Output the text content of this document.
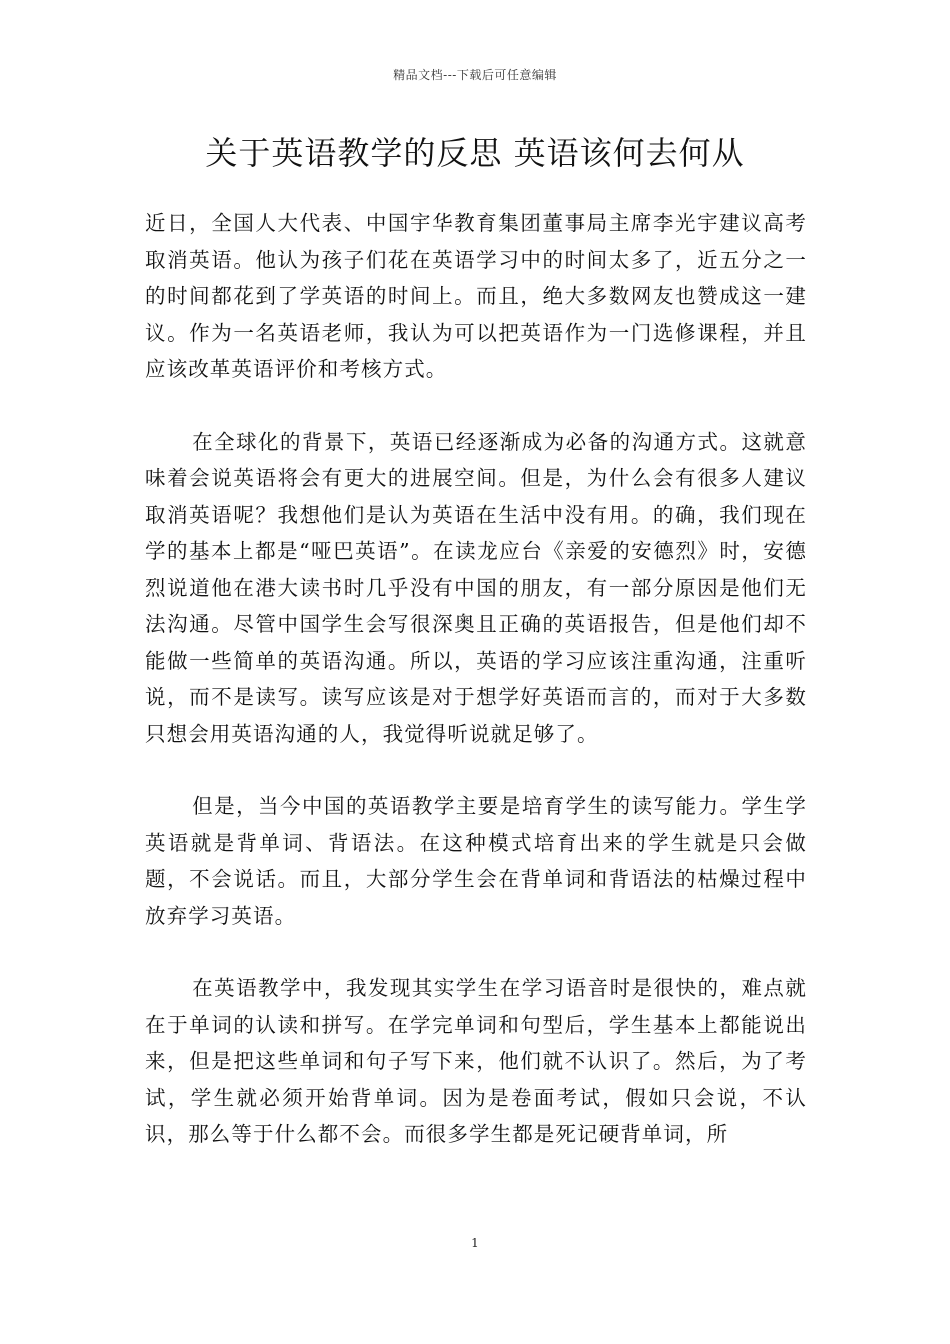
精品文档---下载后可任意编辑
关于英语教学的反思 英语该何去何从

近日，全国人大代表、中国宇华教育集团董事局主席李光宇建议高考取消英语。他认为孩子们花在英语学习中的时间太多了，近五分之一的时间都花到了学英语的时间上。而且，绝大多数网友也赞成这一建议。作为一名英语老师，我认为可以把英语作为一门选修课程，并且应该改革英语评价和考核方式。

在全球化的背景下，英语已经逐渐成为必备的沟通方式。这就意味着会说英语将会有更大的进展空间。但是，为什么会有很多人建议取消英语呢？我想他们是认为英语在生活中没有用。的确，我们现在学的基本上都是“哑巴英语”。在读龙应台《亲爱的安德烈》时，安德烈说道他在港大读书时几乎没有中国的朋友，有一部分原因是他们无法沟通。尽管中国学生会写很深奥且正确的英语报告，但是他们却不能做一些简单的英语沟通。所以，英语的学习应该注重沟通，注重听说，而不是读写。读写应该是对于想学好英语而言的，而对于大多数只想会用英语沟通的人，我觉得听说就足够了。

但是，当今中国的英语教学主要是培育学生的读写能力。学生学英语就是背单词、背语法。在这种模式培育出来的学生就是只会做题，不会说话。而且，大部分学生会在背单词和背语法的枯燥过程中放弃学习英语。

在英语教学中，我发现其实学生在学习语音时是很快的，难点就在于单词的认读和拼写。在学完单词和句型后，学生基本上都能说出来，但是把这些单词和句子写下来，他们就不认识了。然后，为了考试，学生就必须开始背单词。因为是卷面考试，假如只会说，不认识，那么等于什么都不会。而很多学生都是死记硬背单词，所

1
